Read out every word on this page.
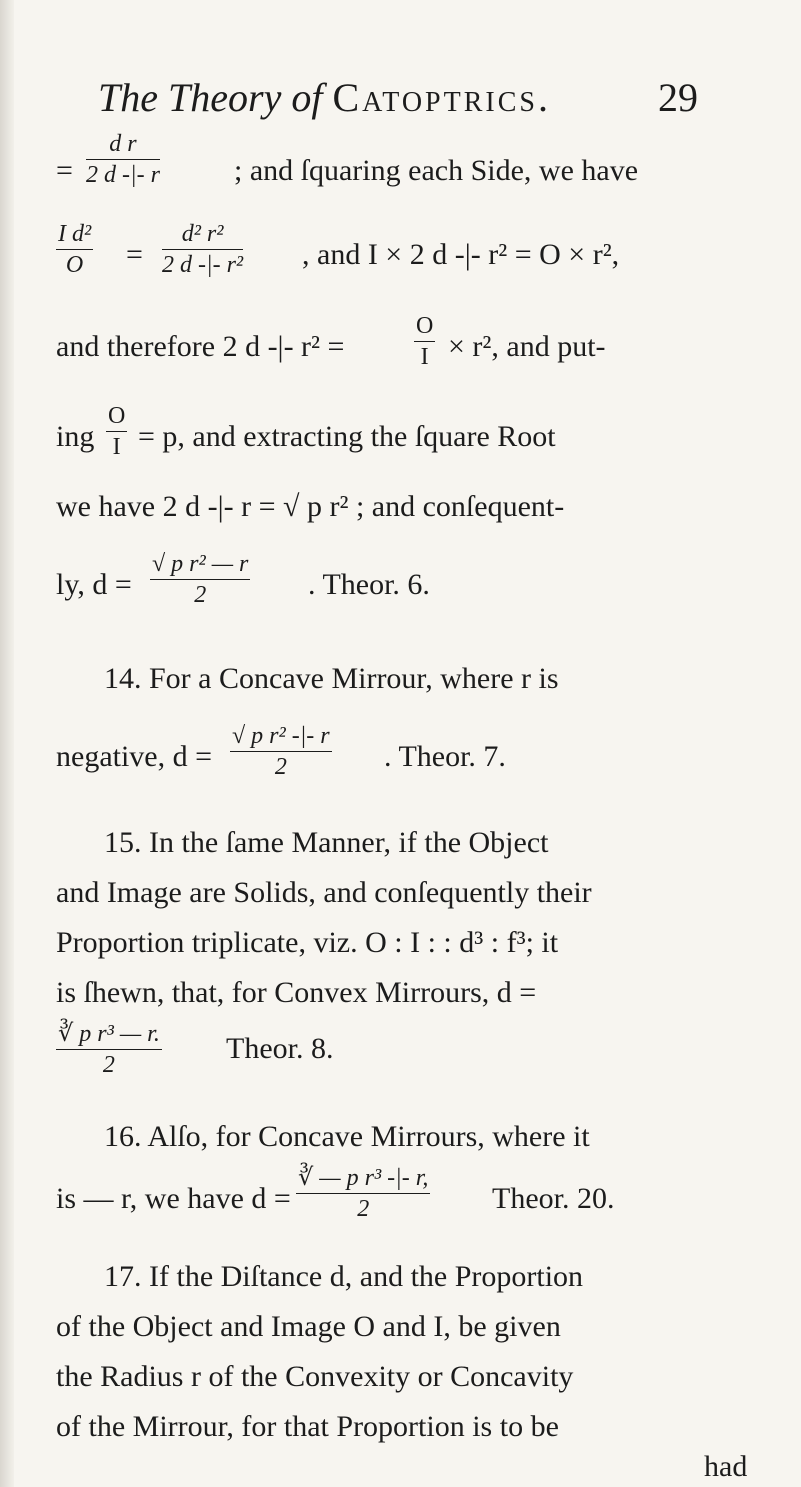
The Theory of Catoptrics.	29
= $\frac{\text{d r}}{2 d -|- r}$ ; and ſquaring each Side, we have
$\frac{\text{I d²}}{O} = \frac{\text{d² r²}}{\text{2 d -|- r²}}$ , and I × 2 d -|- r² = O × r²,
and therefore 2 d -|- r² =	$\frac{O}{I} \times r^2$, and put-
ing $\frac{O}{I} = p$, and extracting the ſquare Root
we have 2 d -|- r = √ p r² ; and conſequent-
ly, $d = \frac{\text{√ p r² — r}}{2}$ . Theor. 6.
14. For a Concave Mirrour, where r is
negative, $d = \frac{\text{√ p r² -|- r}}{2}$ . Theor. 7.
15. In the ſame Manner, if the Object
and Image are Solids, and conſequently their
Proportion triplicate, viz. O : I : : d³ : f³; it
is ſhewn, that, for Convex Mirrours, d =
$\frac{\text{∛ p r³ — r.}}{2}$ Theor. 8.
16. Alſo, for Concave Mirrours, where it
is — r, we have $d = \frac{\text{∛ — p r³ -|- r,}}{2}$ Theor. 20.
17. If the Diſtance d, and the Proportion
of the Object and Image O and I, be given
the Radius r of the Convexity or Concavity
of the Mirrour, for that Proportion is to be
had
